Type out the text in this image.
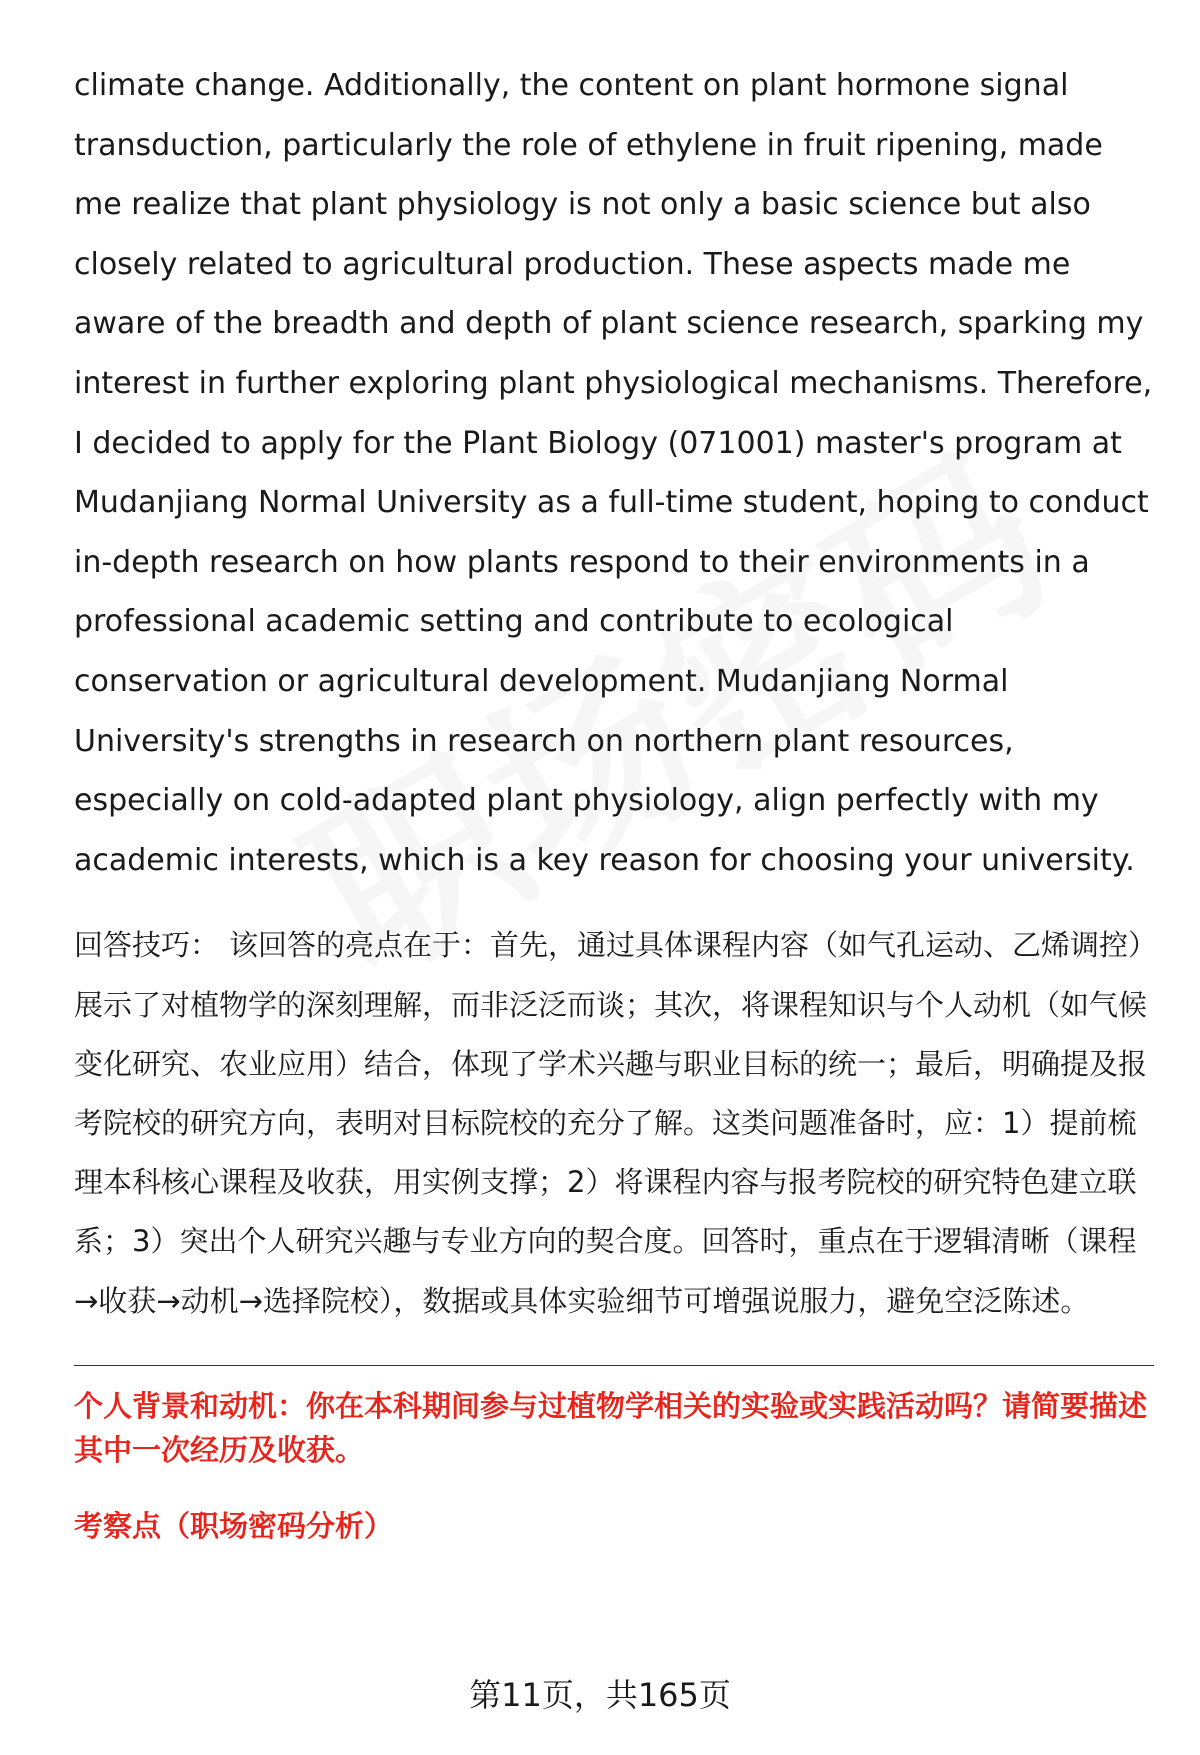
climate change. Additionally, the content on plant hormone signal transduction, particularly the role of ethylene in fruit ripening, made me realize that plant physiology is not only a basic science but also closely related to agricultural production. These aspects made me aware of the breadth and depth of plant science research, sparking my interest in further exploring plant physiological mechanisms. Therefore, I decided to apply for the Plant Biology (071001) master's program at Mudanjiang Normal University as a full-time student, hoping to conduct in-depth research on how plants respond to their environments in a professional academic setting and contribute to ecological conservation or agricultural development. Mudanjiang Normal University's strengths in research on northern plant resources, especially on cold-adapted plant physiology, align perfectly with my academic interests, which is a key reason for choosing your university.

回答技巧： 该回答的亮点在于：首先，通过具体课程内容（如气孔运动、乙烯调控）展示了对植物学的深刻理解，而非泛泛而谈；其次，将课程知识与个人动机（如气候变化研究、农业应用）结合，体现了学术兴趣与职业目标的统一；最后，明确提及报考院校的研究方向，表明对目标院校的充分了解。这类问题准备时，应：1）提前梳理本科核心课程及收获，用实例支撑；2）将课程内容与报考院校的研究特色建立联系；3）突出个人研究兴趣与专业方向的契合度。回答时，重点在于逻辑清晰（课程→收获→动机→选择院校），数据或具体实验细节可增强说服力，避免空泛陈述。

个人背景和动机：你在本科期间参与过植物学相关的实验或实践活动吗？请简要描述其中一次经历及收获。
考察点（职场密码分析）
第11页，共165页
